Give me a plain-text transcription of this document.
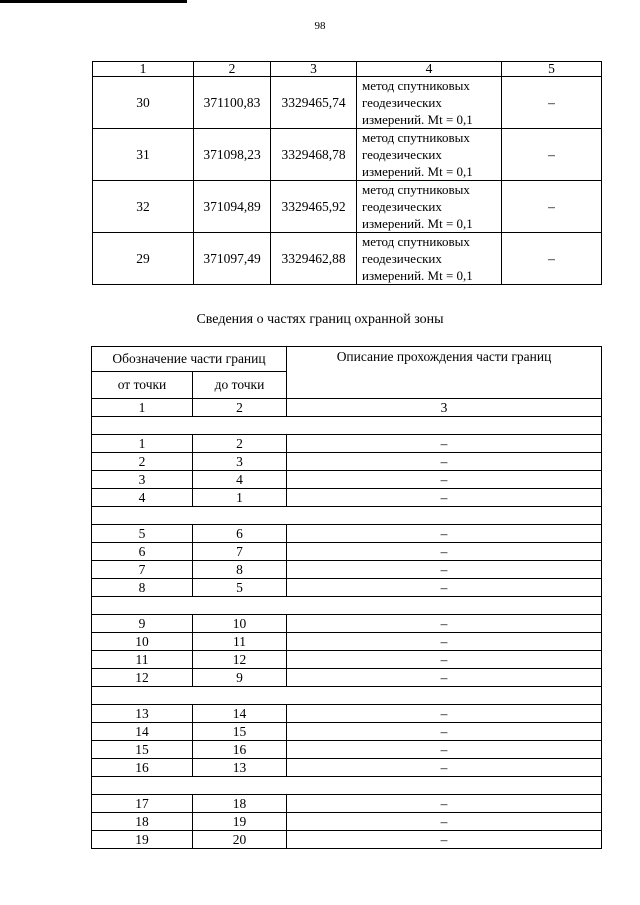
98
1	2	3	4	5
30	371100,83	3329465,74	метод спутниковых
геодезических
измерений. Mt = 0,1	–
31	371098,23	3329468,78	метод спутниковых
геодезических
измерений. Mt = 0,1	–
32	371094,89	3329465,92	метод спутниковых
геодезических
измерений. Mt = 0,1	–
29	371097,49	3329462,88	метод спутниковых
геодезических
измерений. Mt = 0,1	–
Сведения о частях границ охранной зоны
Обозначение части границ		Описание прохождения части границ
от точки	до точки	
1	2	3

1	2	–
2	3	–
3	4	–
4	1	–

5	6	–
6	7	–
7	8	–
8	5	–

9	10	–
10	11	–
11	12	–
12	9	–

13	14	–
14	15	–
15	16	–
16	13	–

17	18	–
18	19	–
19	20	–
